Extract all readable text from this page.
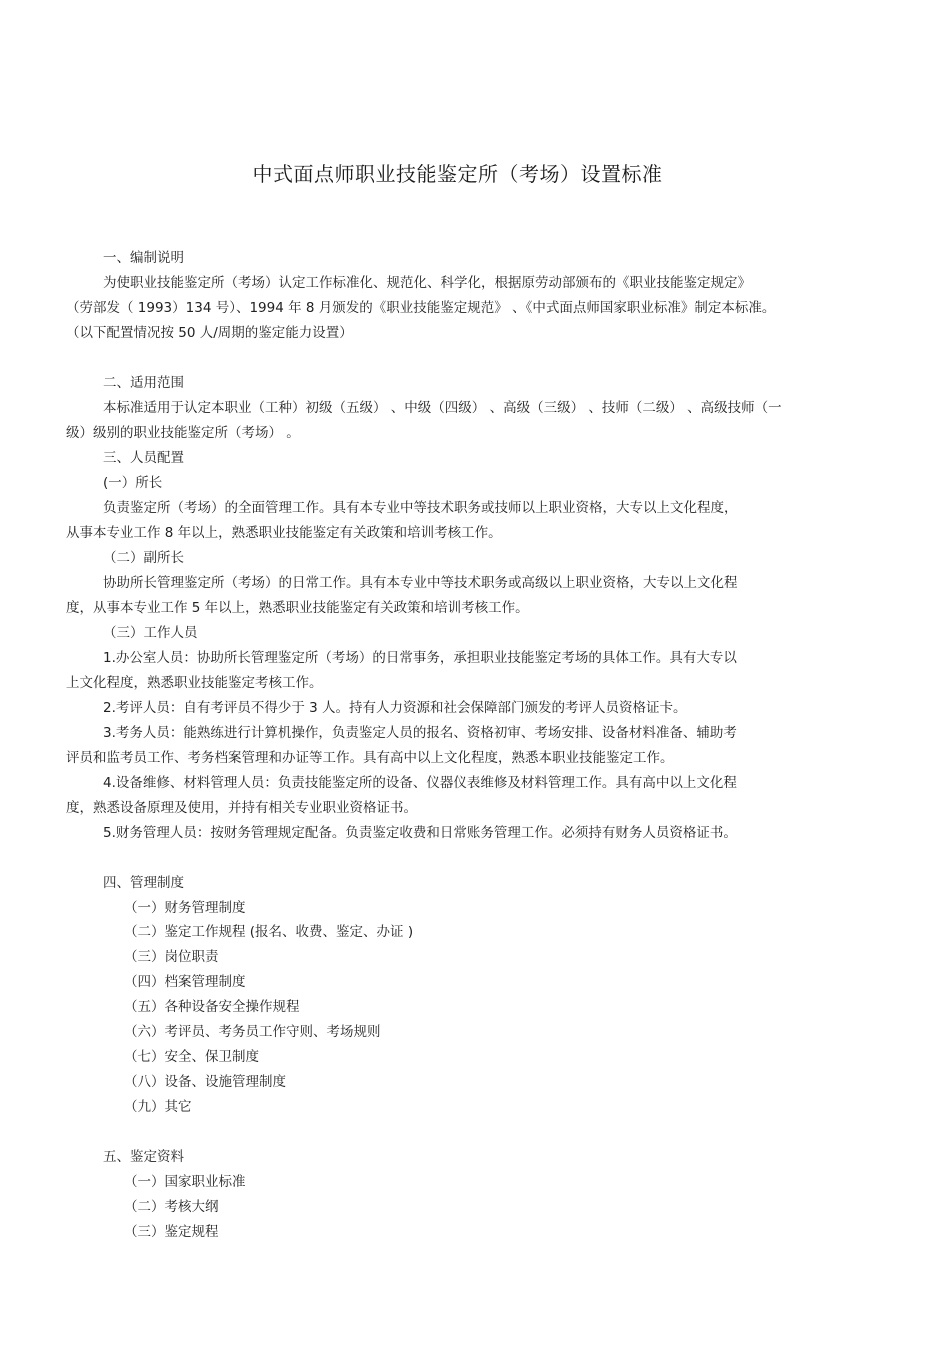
中式面点师职业技能鉴定所（考场）设置标准
一、编制说明
为使职业技能鉴定所（考场）认定工作标准化、规范化、科学化，根据原劳动部颁布的《职业技能鉴定规定》
（劳部发（ 1993）134 号）、1994 年 8 月颁发的《职业技能鉴定规范》 、《中式面点师国家职业标准》制定本标准。
（以下配置情况按 50 人/周期的鉴定能力设置）
二、适用范围
本标准适用于认定本职业（工种）初级（五级） 、中级（四级） 、高级（三级） 、技师（二级） 、高级技师（一
级）级别的职业技能鉴定所（考场） 。
三、人员配置
(一）所长
负责鉴定所（考场）的全面管理工作。具有本专业中等技术职务或技师以上职业资格，大专以上文化程度，
从事本专业工作 8 年以上，熟悉职业技能鉴定有关政策和培训考核工作。
（二）副所长
协助所长管理鉴定所（考场）的日常工作。具有本专业中等技术职务或高级以上职业资格，大专以上文化程
度，从事本专业工作 5 年以上，熟悉职业技能鉴定有关政策和培训考核工作。
（三）工作人员
1.办公室人员：协助所长管理鉴定所（考场）的日常事务，承担职业技能鉴定考场的具体工作。具有大专以
上文化程度，熟悉职业技能鉴定考核工作。
2.考评人员：自有考评员不得少于 3 人。持有人力资源和社会保障部门颁发的考评人员资格证卡。
3.考务人员：能熟练进行计算机操作，负责鉴定人员的报名、资格初审、考场安排、设备材料准备、辅助考
评员和监考员工作、考务档案管理和办证等工作。具有高中以上文化程度，熟悉本职业技能鉴定工作。
4.设备维修、材料管理人员：负责技能鉴定所的设备、仪器仪表维修及材料管理工作。具有高中以上文化程
度，熟悉设备原理及使用，并持有相关专业职业资格证书。
5.财务管理人员：按财务管理规定配备。负责鉴定收费和日常账务管理工作。必须持有财务人员资格证书。
四、管理制度
（一）财务管理制度
（二）鉴定工作规程 (报名、收费、鉴定、办证 )
（三）岗位职责
（四）档案管理制度
（五）各种设备安全操作规程
（六）考评员、考务员工作守则、考场规则
（七）安全、保卫制度
（八）设备、设施管理制度
（九）其它
五、鉴定资料
（一）国家职业标准
（二）考核大纲
（三）鉴定规程
